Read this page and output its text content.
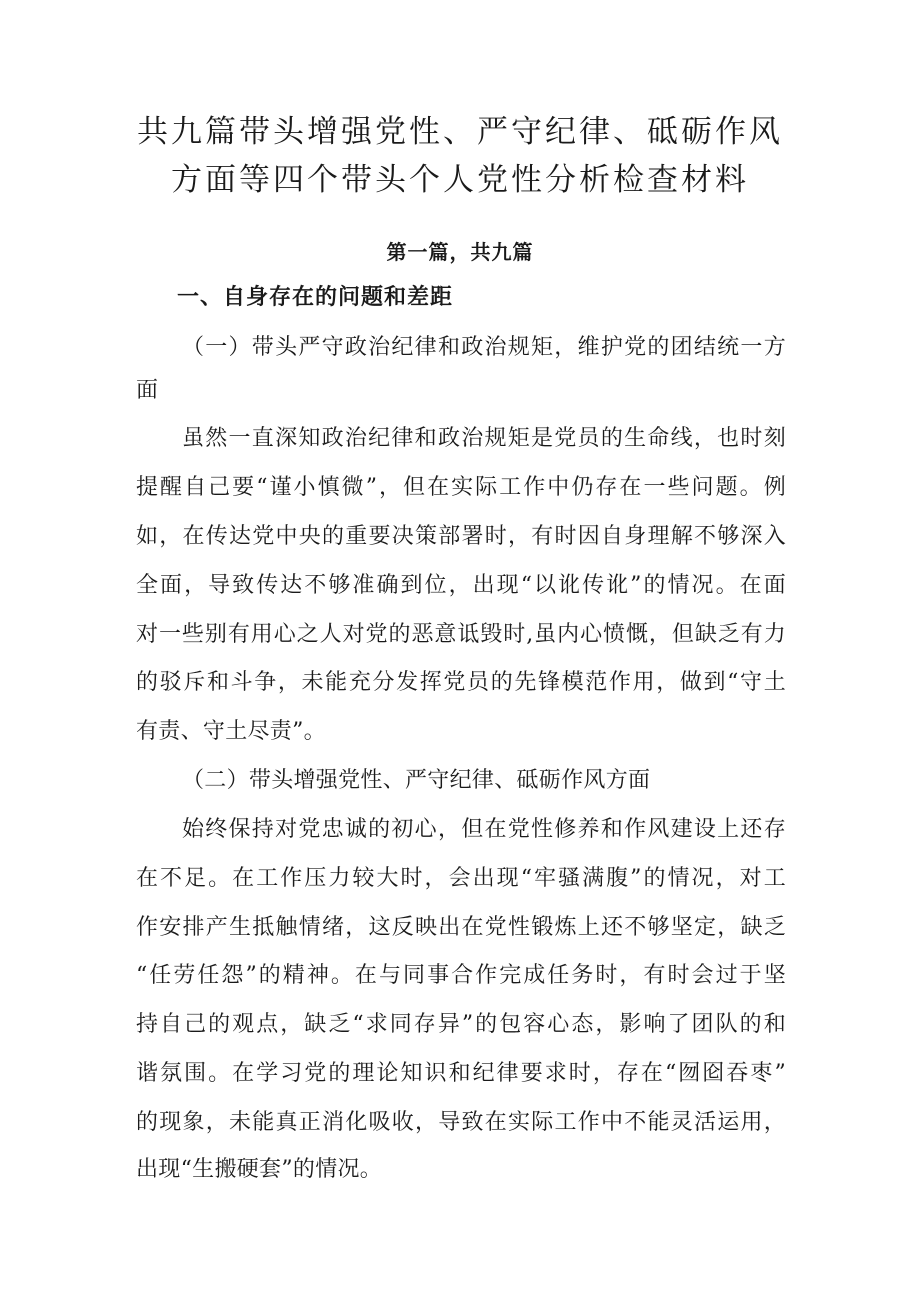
共九篇带头增强党性、严守纪律、砥砺作风
方面等四个带头个人党性分析检查材料
第一篇，共九篇
一、自身存在的问题和差距
（一）带头严守政治纪律和政治规矩，维护党的团结统一方
面
虽然一直深知政治纪律和政治规矩是党员的生命线，也时刻
提醒自己要“谨小慎微”，但在实际工作中仍存在一些问题。例
如，在传达党中央的重要决策部署时，有时因自身理解不够深入
全面，导致传达不够准确到位，出现“以讹传讹”的情况。在面
对一些别有用心之人对党的恶意诋毁时,虽内心愤慨，但缺乏有力
的驳斥和斗争，未能充分发挥党员的先锋模范作用，做到“守土
有责、守土尽责”。
（二）带头增强党性、严守纪律、砥砺作风方面
始终保持对党忠诚的初心，但在党性修养和作风建设上还存
在不足。在工作压力较大时，会出现“牢骚满腹”的情况，对工
作安排产生抵触情绪，这反映出在党性锻炼上还不够坚定，缺乏
“任劳任怨”的精神。在与同事合作完成任务时，有时会过于坚
持自己的观点，缺乏“求同存异”的包容心态，影响了团队的和
谐氛围。在学习党的理论知识和纪律要求时，存在“囫囵吞枣”
的现象，未能真正消化吸收，导致在实际工作中不能灵活运用，
出现“生搬硬套”的情况。
